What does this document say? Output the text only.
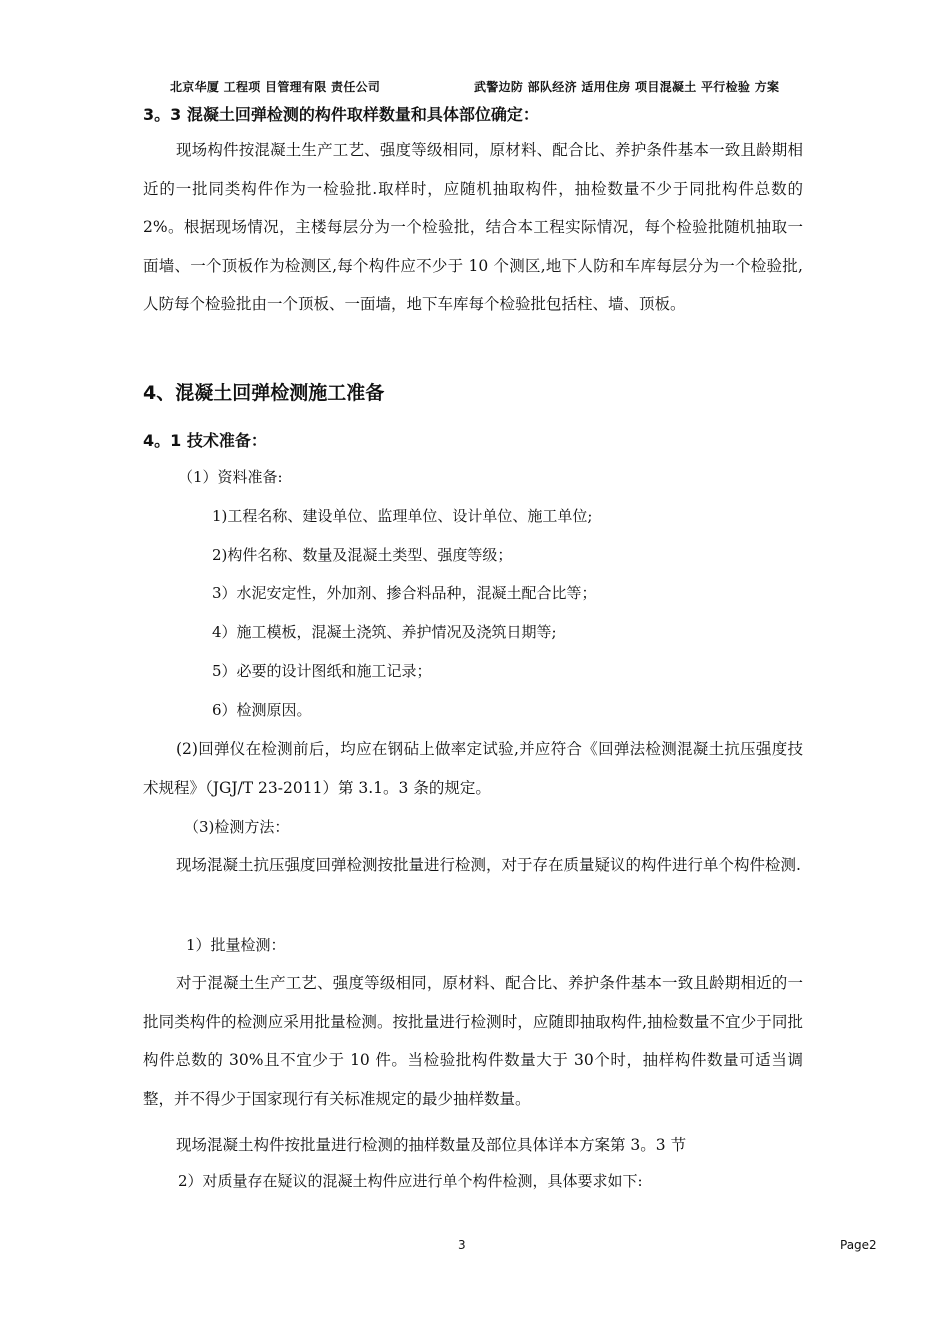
北京华厦 工程项 目管理有限 责任公司	武警边防 部队经济 适用住房 项目混凝土 平行检验 方案
3。3 混凝土回弹检测的构件取样数量和具体部位确定：
现场构件按混凝土生产工艺、强度等级相同，原材料、配合比、养护条件基本一致且龄期相近的一批同类构件作为一检验批.取样时，应随机抽取构件，抽检数量不少于同批构件总数的 2%。根据现场情况，主楼每层分为一个检验批，结合本工程实际情况，每个检验批随机抽取一面墙、一个顶板作为检测区,每个构件应不少于 10 个测区,地下人防和车库每层分为一个检验批,人防每个检验批由一个顶板、一面墙，地下车库每个检验批包括柱、墙、顶板。
4、混凝土回弹检测施工准备
4。1 技术准备：
（1）资料准备:
1)工程名称、建设单位、监理单位、设计单位、施工单位;
2)构件名称、数量及混凝土类型、强度等级；
3）水泥安定性，外加剂、掺合料品种，混凝土配合比等；
4）施工模板，混凝土浇筑、养护情况及浇筑日期等;
5）必要的设计图纸和施工记录；
6）检测原因。
(2)回弹仪在检测前后，均应在钢砧上做率定试验,并应符合《回弹法检测混凝土抗压强度技术规程》（JGJ/T 23-2011）第 3.1。3 条的规定。
（3)检测方法：
现场混凝土抗压强度回弹检测按批量进行检测，对于存在质量疑议的构件进行单个构件检测.
1）批量检测：
对于混凝土生产工艺、强度等级相同，原材料、配合比、养护条件基本一致且龄期相近的一批同类构件的检测应采用批量检测。按批量进行检测时，应随即抽取构件,抽检数量不宜少于同批构件总数的 30%且不宜少于 10 件。当检验批构件数量大于 30个时，抽样构件数量可适当调整，并不得少于国家现行有关标准规定的最少抽样数量。
现场混凝土构件按批量进行检测的抽样数量及部位具体详本方案第 3。3 节
2）对质量存在疑议的混凝土构件应进行单个构件检测，具体要求如下:
3	Page2
